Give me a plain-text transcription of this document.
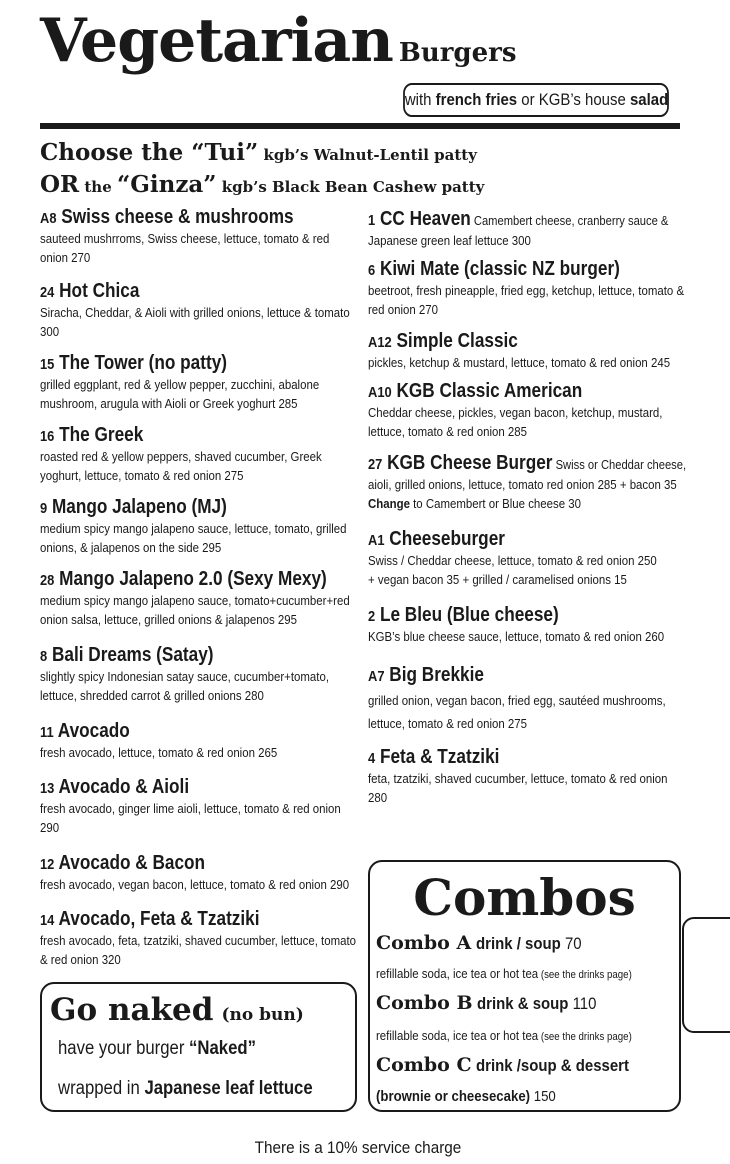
Vegetarian Burgers
with french fries or KGB’s house salad
Choose the “Tui” kgb’s Walnut-Lentil patty
OR the “Ginza” kgb’s Black Bean Cashew patty
A8 Swiss cheese & mushrooms
sauteed mushrroms, Swiss cheese, lettuce, tomato & red onion 270
24 Hot Chica
Siracha, Cheddar, & Aioli with grilled onions, lettuce & tomato 300
15 The Tower (no patty)
grilled eggplant, red & yellow pepper, zucchini, abalone mushroom, arugula with Aioli or Greek yoghurt 285
16 The Greek
roasted red & yellow peppers, shaved cucumber, Greek yoghurt, lettuce, tomato & red onion 275
9 Mango Jalapeno (MJ)
medium spicy mango jalapeno sauce, lettuce, tomato, grilled onions, & jalapenos on the side 295
28 Mango Jalapeno 2.0 (Sexy Mexy)
medium spicy mango jalapeno sauce, tomato+cucumber+red onion salsa, lettuce, grilled onions & jalapenos 295
8 Bali Dreams (Satay)
slightly spicy Indonesian satay sauce, cucumber+tomato, lettuce, shredded carrot & grilled onions 280
11 Avocado
fresh avocado, lettuce, tomato & red onion 265
13 Avocado & Aioli
fresh avocado, ginger lime aioli, lettuce, tomato & red onion 290
12 Avocado & Bacon
fresh avocado, vegan bacon, lettuce, tomato & red onion 290
14 Avocado, Feta & Tzatziki
fresh avocado, feta, tzatziki, shaved cucumber, lettuce, tomato & red onion 320
1 CC Heaven Camembert cheese, cranberry sauce &
Japanese green leaf lettuce 300
6 Kiwi Mate (classic NZ burger)
beetroot, fresh pineapple, fried egg, ketchup, lettuce, tomato & red onion 270
A12 Simple Classic
pickles, ketchup & mustard, lettuce, tomato & red onion 245
A10 KGB Classic American
Cheddar cheese, pickles, vegan bacon, ketchup, mustard, lettuce, tomato & red onion 285
27 KGB Cheese Burger Swiss or Cheddar cheese,
aioli, grilled onions, lettuce, tomato red onion 285 + bacon 35
Change to Camembert or Blue cheese 30
A1 Cheeseburger
Swiss / Cheddar cheese, lettuce, tomato & red onion 250
+ vegan bacon 35 + grilled / caramelised onions 15
2 Le Bleu (Blue cheese)
KGB’s blue cheese sauce, lettuce, tomato & red onion 260
A7 Big Brekkie
grilled onion, vegan bacon, fried egg, sautéed mushrooms,
lettuce, tomato & red onion 275
4 Feta & Tzatziki
feta, tzatziki, shaved cucumber, lettuce, tomato & red onion 280
Go naked (no bun)
have your burger “Naked”
wrapped in Japanese leaf lettuce
Combos
Combo A drink / soup 70
refillable soda, ice tea or hot tea (see the drinks page)
Combo B drink & soup 110
refillable soda, ice tea or hot tea (see the drinks page)
Combo C drink /soup & dessert
(brownie or cheesecake) 150
There is a 10% service charge
